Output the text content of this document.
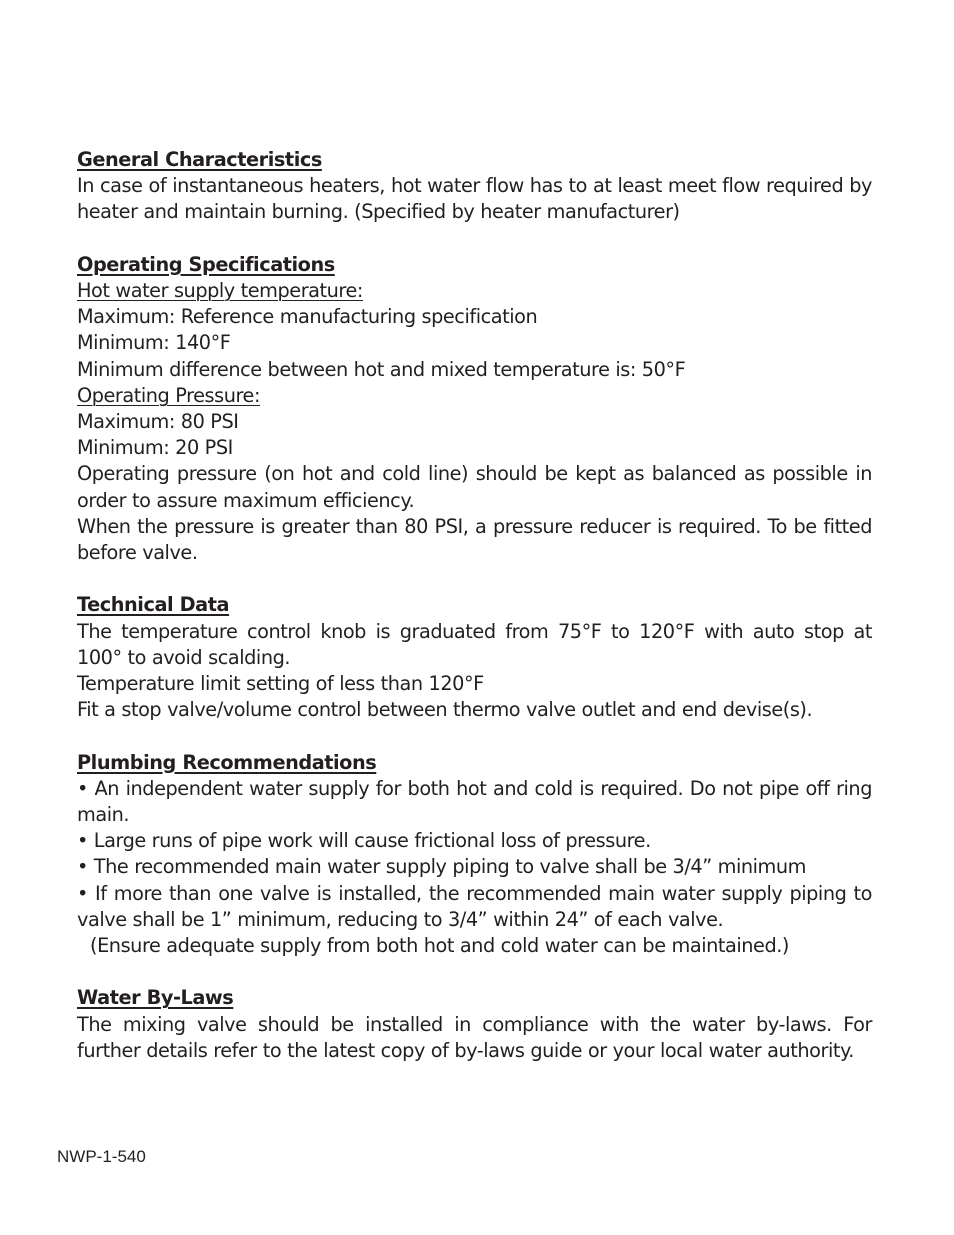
General Characteristics
In case of instantaneous heaters, hot water flow has to at least meet flow required by heater and maintain burning. (Specified by heater manufacturer)
Operating Specifications
Hot water supply temperature:
Maximum: Reference manufacturing specification
Minimum: 140°F
Minimum difference between hot and mixed temperature is: 50°F
Operating Pressure:
Maximum: 80 PSI
Minimum: 20 PSI
Operating pressure (on hot and cold line) should be kept as balanced as possible in order to assure maximum efficiency.
When the pressure is greater than 80 PSI, a pressure reducer is required. To be fitted before valve.
Technical Data
The temperature control knob is graduated from 75°F to 120°F with auto stop at 100° to avoid scalding.
Temperature limit setting of less than 120°F
Fit a stop valve/volume control between thermo valve outlet and end devise(s).
Plumbing Recommendations
• An independent water supply for both hot and cold is required. Do not pipe off ring main.
• Large runs of pipe work will cause frictional loss of pressure.
• The recommended main water supply piping to valve shall be 3/4” minimum
• If more than one valve is installed, the recommended main water supply piping to valve shall be 1” minimum, reducing to 3/4” within 24” of each valve.
(Ensure adequate supply from both hot and cold water can be maintained.)
Water By-Laws
The mixing valve should be installed in compliance with the water by-laws. For further details refer to the latest copy of by-laws guide or your local water authority.
NWP-1-540
